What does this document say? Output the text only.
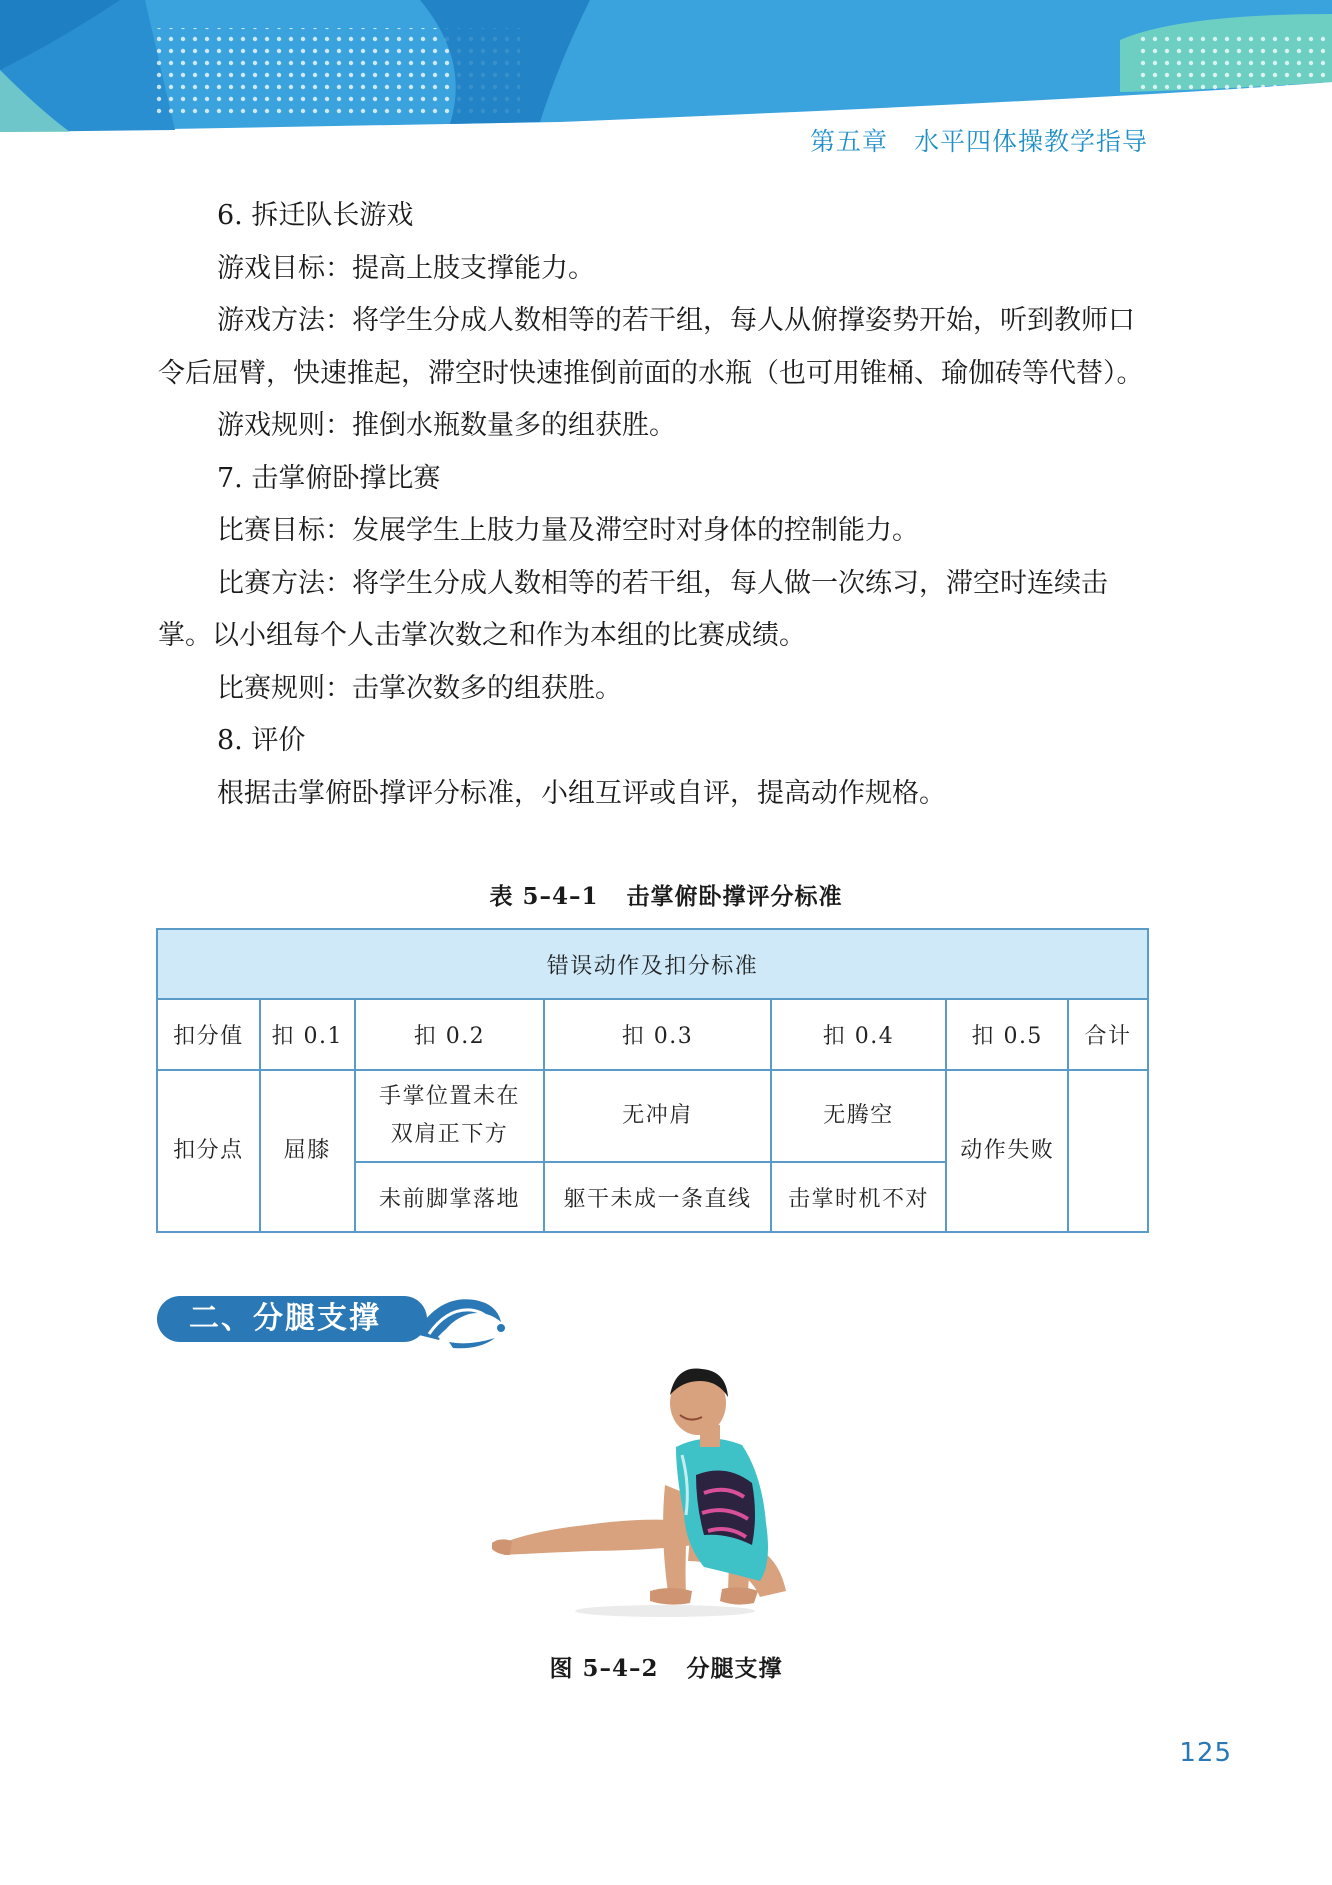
第五章 水平四体操教学指导

6. 拆迁队长游戏

游戏目标：提高上肢支撑能力。

游戏方法：将学生分成人数相等的若干组，每人从俯撑姿势开始，听到教师口令后屈臂，快速推起，滞空时快速推倒前面的水瓶（也可用锥桶、瑜伽砖等代替）。

游戏规则：推倒水瓶数量多的组获胜。

7. 击掌俯卧撑比赛

比赛目标：发展学生上肢力量及滞空时对身体的控制能力。

比赛方法：将学生分成人数相等的若干组，每人做一次练习，滞空时连续击掌。以小组每个人击掌次数之和作为本组的比赛成绩。

比赛规则：击掌次数多的组获胜。

8. 评价

根据击掌俯卧撑评分标准，小组互评或自评，提高动作规格。

表 5–4–1 击掌俯卧撑评分标准
错误动作及扣分标准						
扣分值	扣 0.1	扣 0.2	扣 0.3	扣 0.4	扣 0.5	合计
扣分点	屈膝	手掌位置未在双肩正下方	无冲肩	无腾空	动作失败	
		未前脚掌落地	躯干未成一条直线	击掌时机不对		
二、分腿支撑
图 5–4–2 分腿支撑
125
